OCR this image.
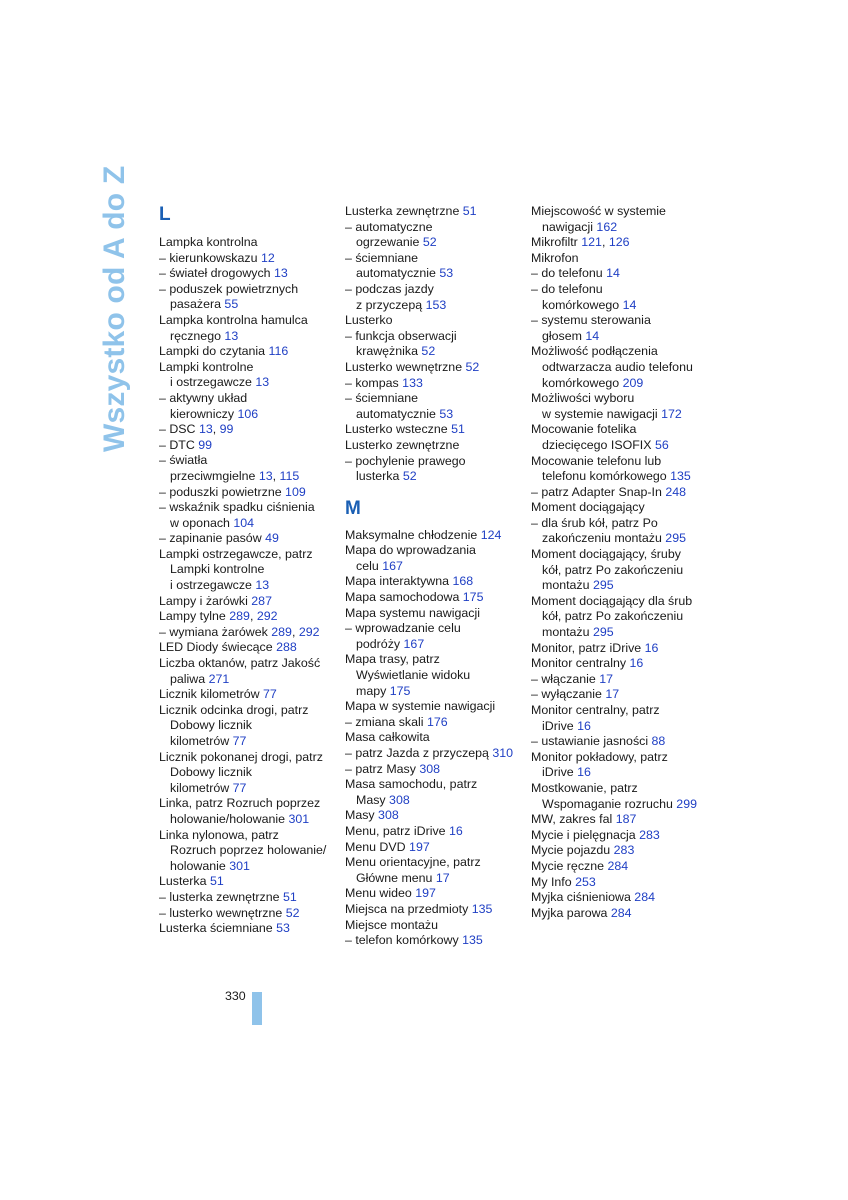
Wszystko od A do Z L
Lampka kontrolna
– kierunkowskazu 12
– świateł drogowych 13
– poduszek powietrznych
pasażera 55
Lampka kontrolna hamulca
ręcznego 13
Lampki do czytania 116
Lampki kontrolne
i ostrzegawcze 13
– aktywny układ
kierowniczy 106
– DSC 13, 99
– DTC 99
– światła
przeciwmgielne 13, 115
– poduszki powietrzne 109
– wskaźnik spadku ciśnienia
w oponach 104
– zapinanie pasów 49
Lampki ostrzegawcze, patrz
Lampki kontrolne
i ostrzegawcze 13
Lampy i żarówki 287
Lampy tylne 289, 292
– wymiana żarówek 289, 292
LED Diody świecące 288
Liczba oktanów, patrz Jakość
paliwa 271
Licznik kilometrów 77
Licznik odcinka drogi, patrz
Dobowy licznik
kilometrów 77
Licznik pokonanej drogi, patrz
Dobowy licznik
kilometrów 77
Linka, patrz Rozruch poprzez
holowanie/holowanie 301
Linka nylonowa, patrz
Rozruch poprzez holowanie/
holowanie 301
Lusterka 51
– lusterka zewnętrzne 51
– lusterko wewnętrzne 52
Lusterka ściemniane 53
Lusterka zewnętrzne 51
– automatyczne
ogrzewanie 52
– ściemniane
automatycznie 53
– podczas jazdy
z przyczepą 153
Lusterko
– funkcja obserwacji
krawężnika 52
Lusterko wewnętrzne 52
– kompas 133
– ściemniane
automatycznie 53
Lusterko wsteczne 51
Lusterko zewnętrzne
– pochylenie prawego
lusterka 52
M
Maksymalne chłodzenie 124
Mapa do wprowadzania
celu 167
Mapa interaktywna 168
Mapa samochodowa 175
Mapa systemu nawigacji
– wprowadzanie celu
podróży 167
Mapa trasy, patrz
Wyświetlanie widoku
mapy 175
Mapa w systemie nawigacji
– zmiana skali 176
Masa całkowita
– patrz Jazda z przyczepą 310
– patrz Masy 308
Masa samochodu, patrz
Masy 308
Masy 308
Menu, patrz iDrive 16
Menu DVD 197
Menu orientacyjne, patrz
Główne menu 17
Menu wideo 197
Miejsca na przedmioty 135
Miejsce montażu
– telefon komórkowy 135
Miejscowość w systemie
nawigacji 162
Mikrofiltr 121, 126
Mikrofon
– do telefonu 14
– do telefonu
komórkowego 14
– systemu sterowania
głosem 14
Możliwość podłączenia
odtwarzacza audio telefonu
komórkowego 209
Możliwości wyboru
w systemie nawigacji 172
Mocowanie fotelika
dziecięcego ISOFIX 56
Mocowanie telefonu lub
telefonu komórkowego 135
– patrz Adapter Snap-In 248
Moment dociągający
– dla śrub kół, patrz Po
zakończeniu montażu 295
Moment dociągający, śruby
kół, patrz Po zakończeniu
montażu 295
Moment dociągający dla śrub
kół, patrz Po zakończeniu
montażu 295
Monitor, patrz iDrive 16
Monitor centralny 16
– włączanie 17
– wyłączanie 17
Monitor centralny, patrz
iDrive 16
– ustawianie jasności 88
Monitor pokładowy, patrz
iDrive 16
Mostkowanie, patrz
Wspomaganie rozruchu 299
MW, zakres fal 187
Mycie i pielęgnacja 283
Mycie pojazdu 283
Mycie ręczne 284
My Info 253
Myjka ciśnieniowa 284
Myjka parowa 284
330
